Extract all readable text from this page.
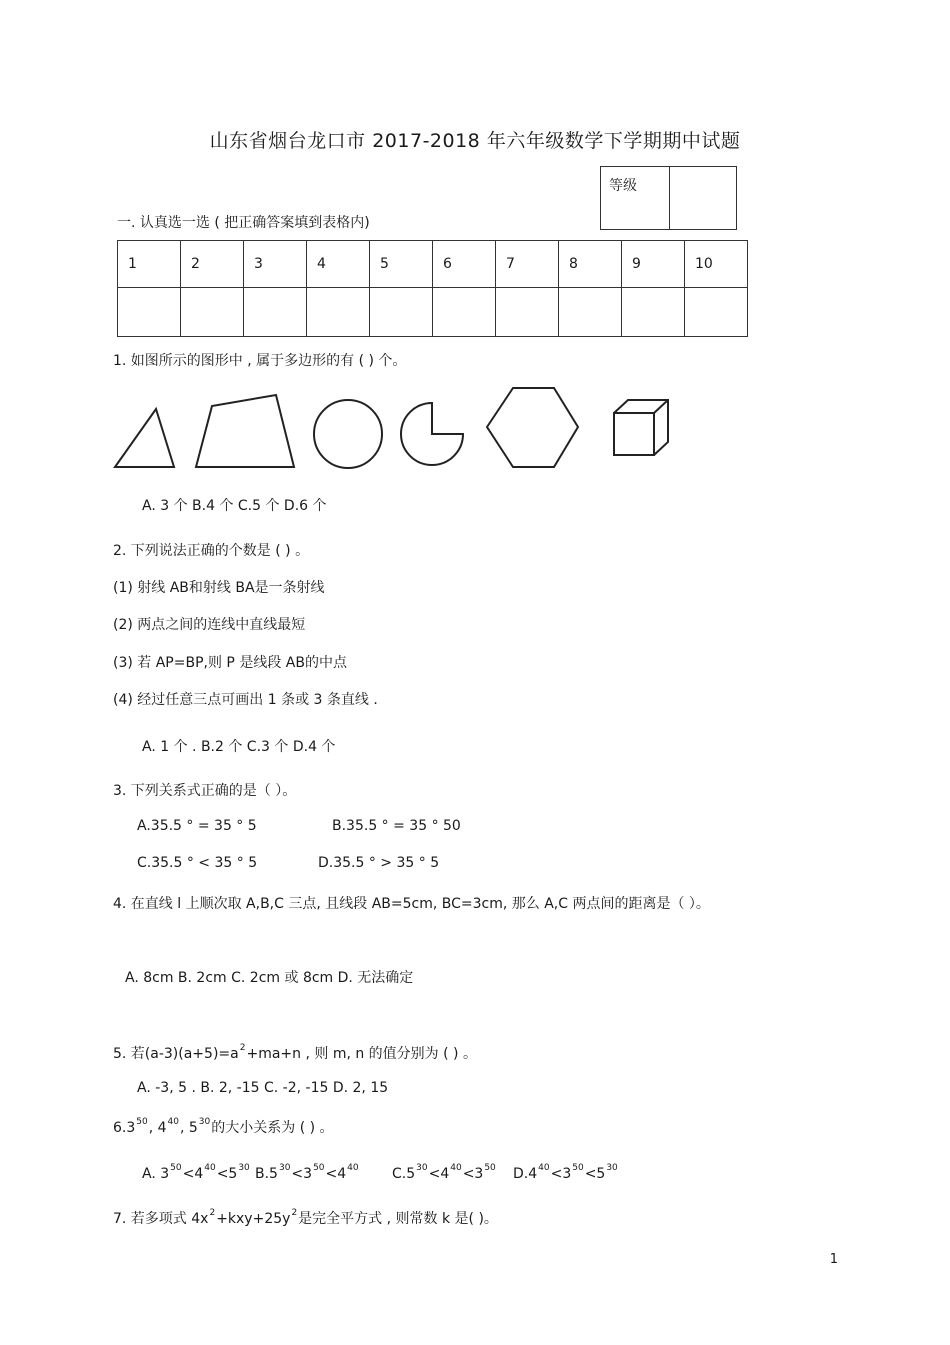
山东省烟台龙口市 2017-2018 年六年级数学下学期期中试题
等级	
一. 认真选一选 ( 把正确答案填到表格内)
1	2	3	4	5	6	7	8	9	10

1. 如图所示的图形中 , 属于多边形的有 ( ) 个。
A. 3 个 B.4 个 C.5 个 D.6 个
2. 下列说法正确的个数是 ( ) 。
(1) 射线 AB和射线 BA是一条射线
(2) 两点之间的连线中直线最短
(3) 若 AP=BP,则 P 是线段 AB的中点
(4) 经过任意三点可画出 1 条或 3 条直线 .
A. 1 个 . B.2 个 C.3 个 D.4 个
3. 下列关系式正确的是（ ）。
A.35.5 ° = 35 ° 5	B.35.5 ° = 35 ° 50
C.35.5 ° < 35 ° 5	D.35.5 ° > 35 ° 5
4. 在直线 l 上顺次取 A,B,C 三点, 且线段 AB=5cm, BC=3cm, 那么 A,C 两点间的距离是（ ）。
A. 8cm B. 2cm C. 2cm 或 8cm D. 无法确定
5. 若$(a-3)(a+5)=a^2+ma+n$ , 则 m, n 的值分别为 ( ) 。
A. -3, 5 . B. 2, -15 C. -2, -15 D. 2, 15
$6.3^{50}$, $4^{40}$, $5^{30}$的大小关系为 ( ) 。
A. $3^{50}<4^{40}<5^{30}$ $B.5^{30}<3^{50}<4^{40}$ $C.5^{30}<4^{40}<3^{50}$ $D.4^{40}<3^{50}<5^{30}$
7. 若多项式 $4x^2+kxy+25y^2$是完全平方式 , 则常数 k 是( )。
1
